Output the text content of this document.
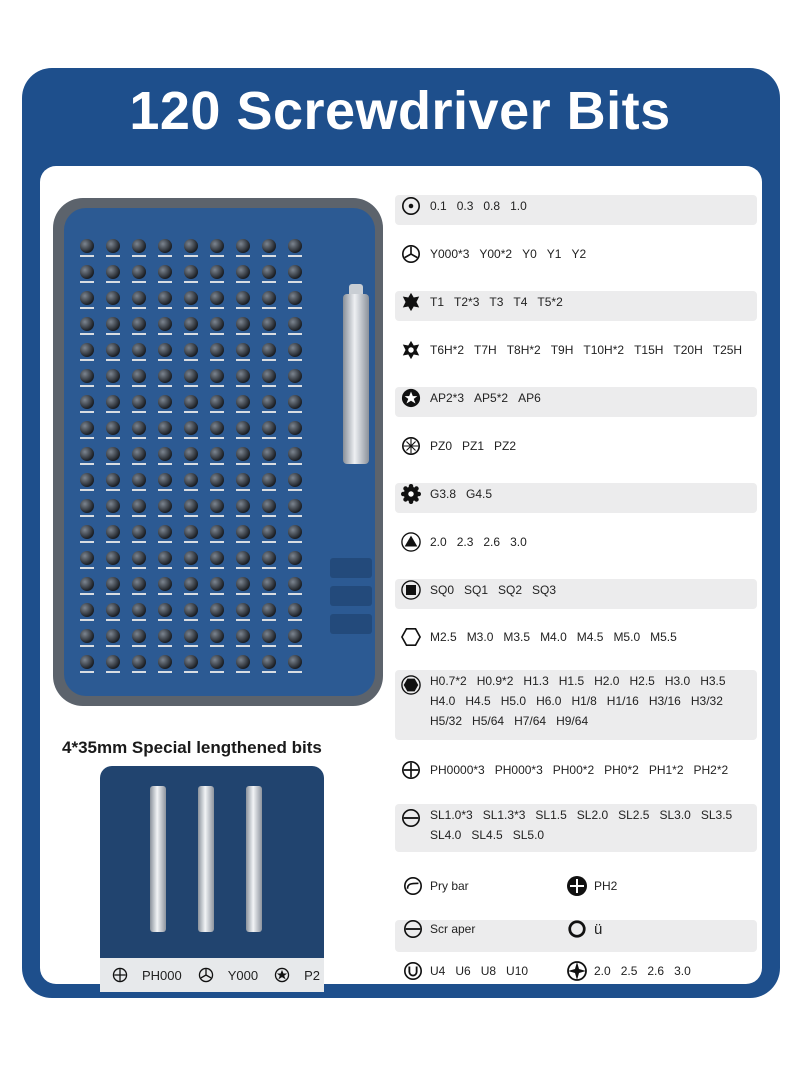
120 Screwdriver Bits
4*35mm Special lengthened bits
PH000	Y000	P2
0.1 0.3 0.8 1.0
Y000*3 Y00*2 Y0 Y1 Y2
T1 T2*3 T3 T4 T5*2
T6H*2 T7H T8H*2 T9H T10H*2 T15H T20H T25H
AP2*3 AP5*2 AP6
PZ0 PZ1 PZ2
G3.8 G4.5
2.0 2.3 2.6 3.0
SQ0 SQ1 SQ2 SQ3
M2.5 M3.0 M3.5 M4.0 M4.5 M5.0 M5.5
H0.7*2 H0.9*2 H1.3 H1.5 H2.0 H2.5 H3.0 H3.5
H4.0 H4.5 H5.0 H6.0 H1/8 H1/16 H3/16 H3/32
H5/32 H5/64 H7/64 H9/64
PH0000*3 PH000*3 PH00*2 PH0*2 PH1*2 PH2*2
SL1.0*3 SL1.3*3 SL1.5 SL2.0 SL2.5 SL3.0 SL3.5
SL4.0 SL4.5 SL5.0
Pry bar	PH2
Scr aper	ü
U4 U6 U8 U10	2.0 2.5 2.6 3.0
